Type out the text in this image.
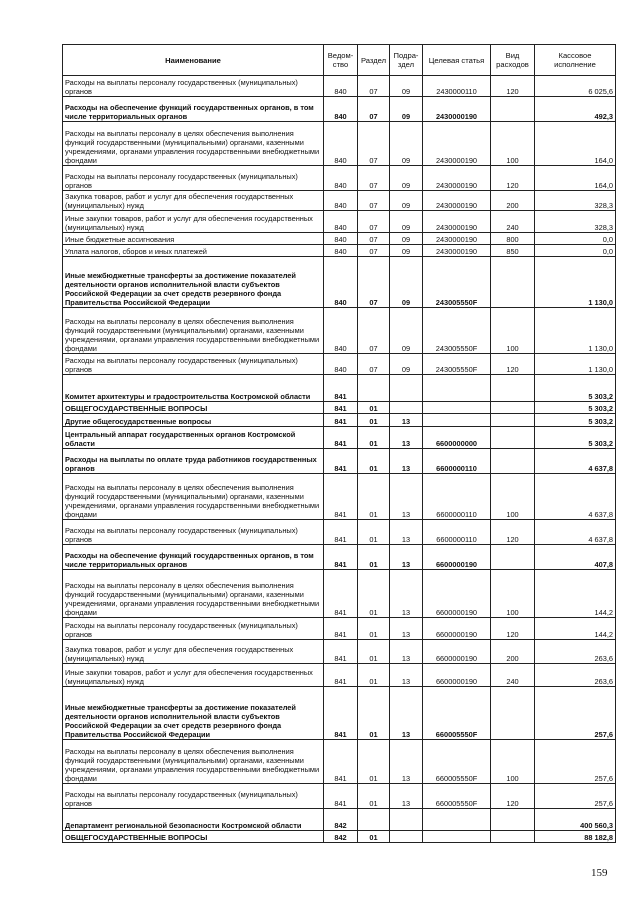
Наименование	Ведом-ство	Раздел	Подра-здел	Целевая статья	Вид расходов	Кассовое исполнение
Расходы на выплаты персоналу государственных (муниципальных) органов	840	07	09	2430000110	120	6 025,6
Расходы на обеспечение функций государственных органов, в том числе территориальных органов	840	07	09	2430000190		492,3
Расходы на выплаты персоналу в целях обеспечения выполнения функций государственными (муниципальными) органами, казенными учреждениями, органами управления государственными внебюджетными фондами	840	07	09	2430000190	100	164,0
Расходы на выплаты персоналу государственных (муниципальных) органов	840	07	09	2430000190	120	164,0
Закупка товаров, работ и услуг для обеспечения государственных (муниципальных) нужд	840	07	09	2430000190	200	328,3
Иные закупки товаров, работ и услуг для обеспечения государственных (муниципальных) нужд	840	07	09	2430000190	240	328,3
Иные бюджетные ассигнования	840	07	09	2430000190	800	0,0
Уплата налогов, сборов и иных платежей	840	07	09	2430000190	850	0,0
Иные межбюджетные трансферты за достижение показателей деятельности органов исполнительной власти субъектов Российской Федерации за счет средств резервного фонда Правительства Российской Федерации	840	07	09	243005550F		1 130,0
Расходы на выплаты персоналу в целях обеспечения выполнения функций государственными (муниципальными) органами, казенными учреждениями, органами управления государственными внебюджетными фондами	840	07	09	243005550F	100	1 130,0
Расходы на выплаты персоналу государственных (муниципальных) органов	840	07	09	243005550F	120	1 130,0
Комитет архитектуры и градостроительства Костромской области	841					5 303,2
ОБЩЕГОСУДАРСТВЕННЫЕ ВОПРОСЫ	841	01				5 303,2
Другие общегосударственные вопросы	841	01	13			5 303,2
Центральный аппарат государственных органов Костромской области	841	01	13	6600000000		5 303,2
Расходы на выплаты по оплате труда работников государственных органов	841	01	13	6600000110		4 637,8
Расходы на выплаты персоналу в целях обеспечения выполнения функций государственными (муниципальными) органами, казенными учреждениями, органами управления государственными внебюджетными фондами	841	01	13	6600000110	100	4 637,8
Расходы на выплаты персоналу государственных (муниципальных) органов	841	01	13	6600000110	120	4 637,8
Расходы на обеспечение функций государственных органов, в том числе территориальных органов	841	01	13	6600000190		407,8
Расходы на выплаты персоналу в целях обеспечения выполнения функций государственными (муниципальными) органами, казенными учреждениями, органами управления государственными внебюджетными фондами	841	01	13	6600000190	100	144,2
Расходы на выплаты персоналу государственных (муниципальных) органов	841	01	13	6600000190	120	144,2
Закупка товаров, работ и услуг для обеспечения государственных (муниципальных) нужд	841	01	13	6600000190	200	263,6
Иные закупки товаров, работ и услуг для обеспечения государственных (муниципальных) нужд	841	01	13	6600000190	240	263,6
Иные межбюджетные трансферты за достижение показателей деятельности органов исполнительной власти субъектов Российской Федерации за счет средств резервного фонда Правительства Российской Федерации	841	01	13	660005550F		257,6
Расходы на выплаты персоналу в целях обеспечения выполнения функций государственными (муниципальными) органами, казенными учреждениями, органами управления государственными внебюджетными фондами	841	01	13	660005550F	100	257,6
Расходы на выплаты персоналу государственных (муниципальных) органов	841	01	13	660005550F	120	257,6
Департамент региональной безопасности Костромской области	842					400 560,3
ОБЩЕГОСУДАРСТВЕННЫЕ ВОПРОСЫ	842	01				88 182,8
159
